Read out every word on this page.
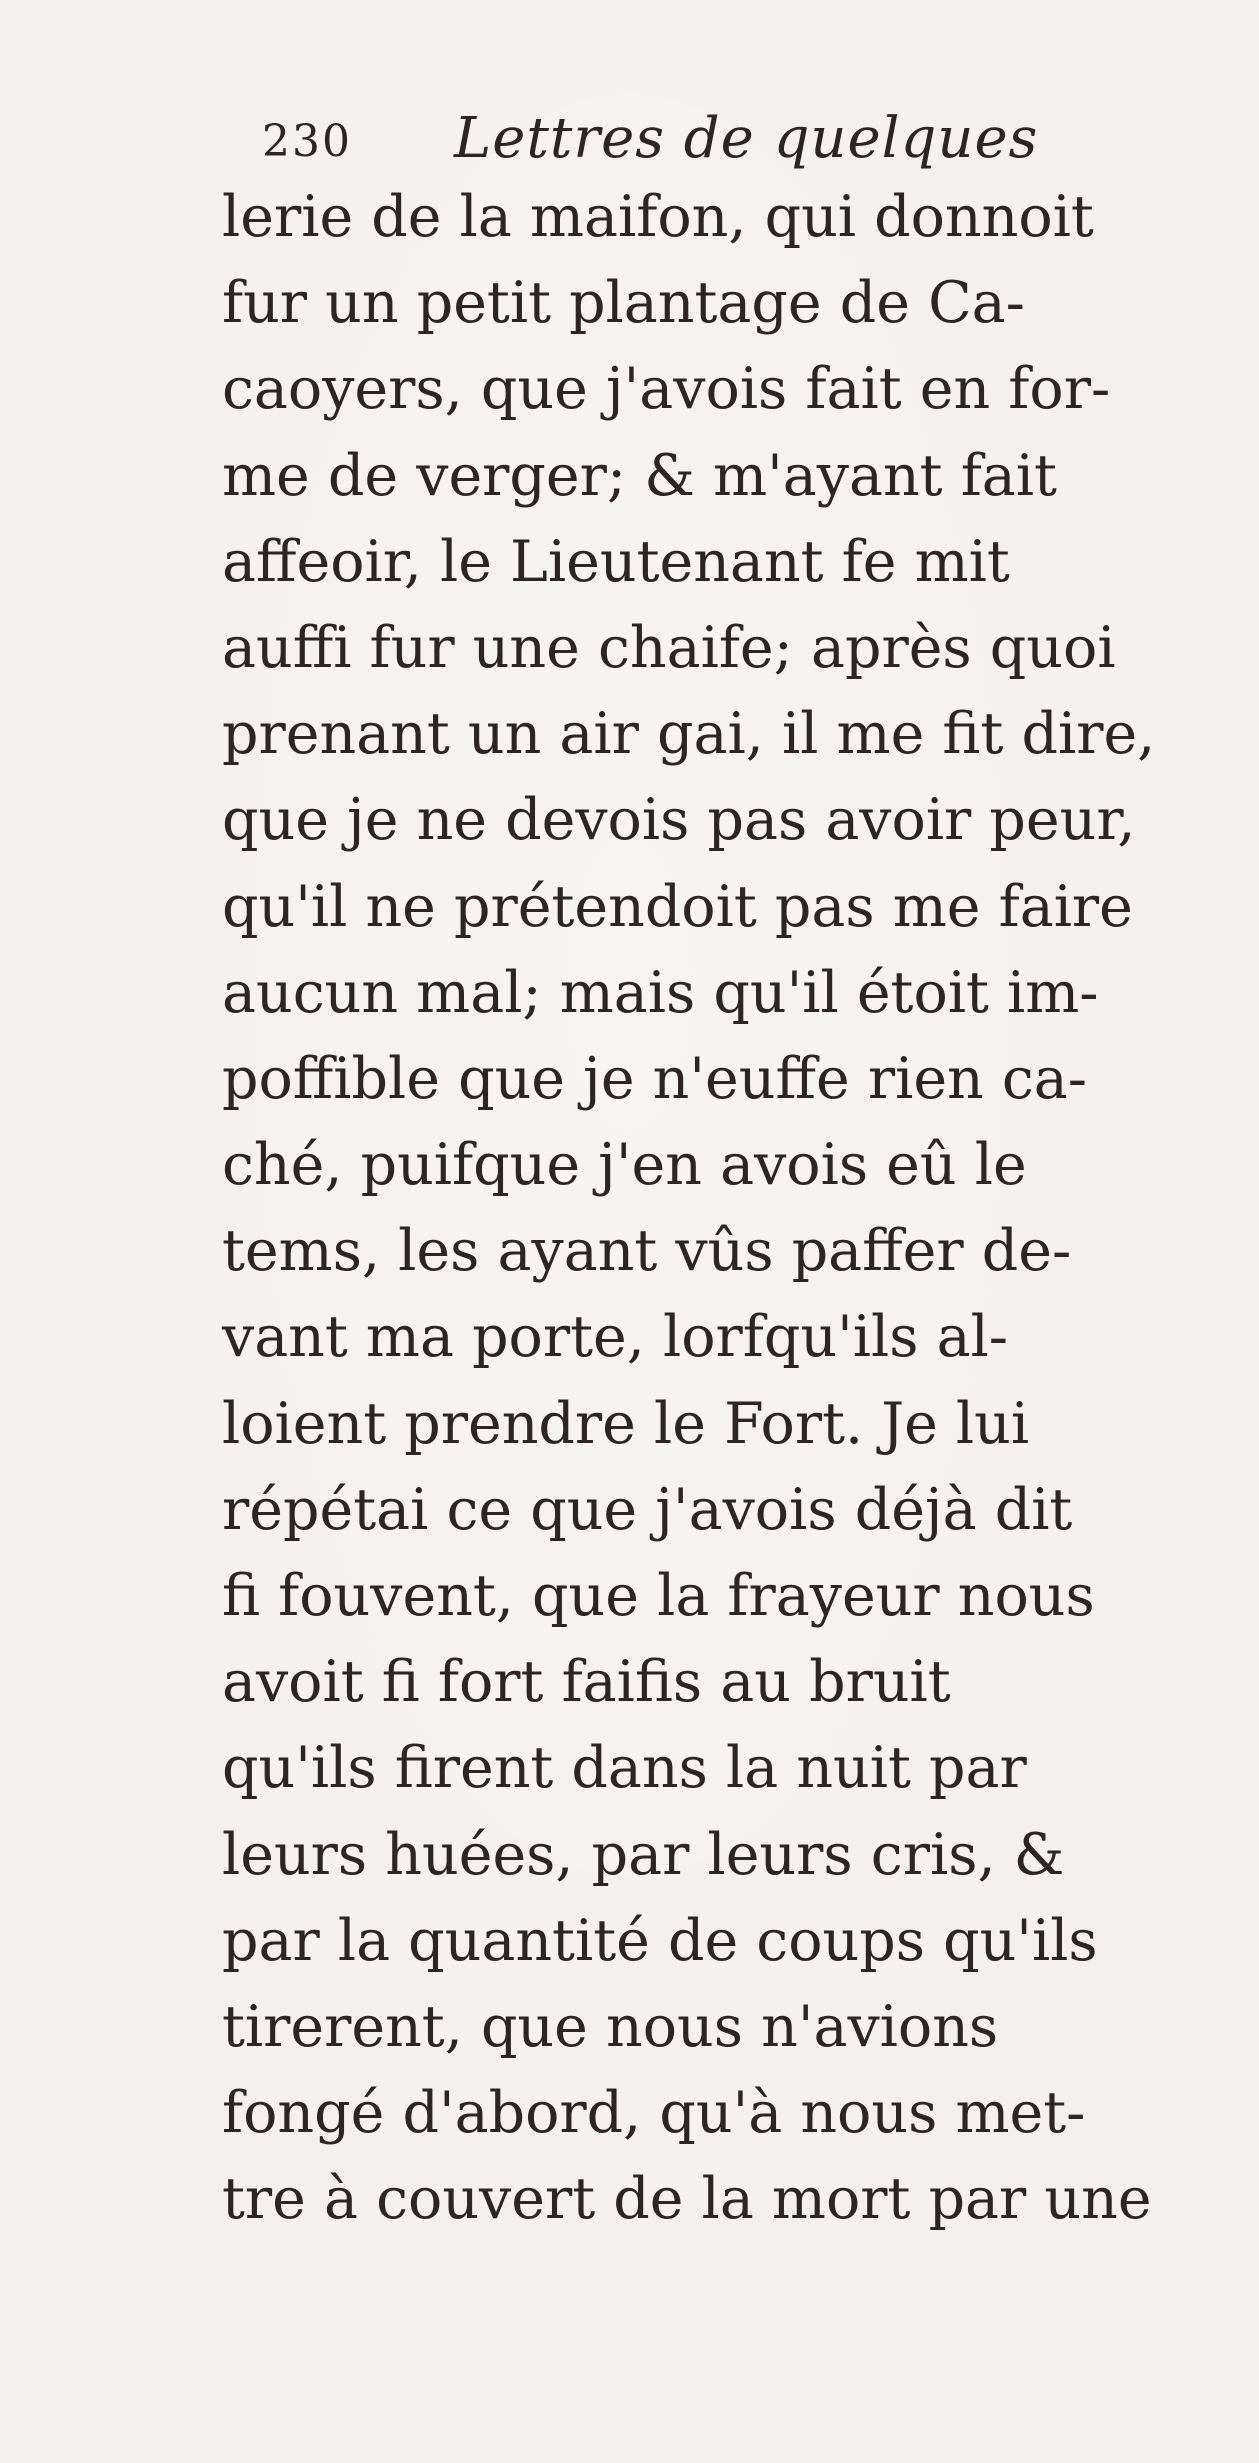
230 Lettres de quelques
lerie de la maifon, qui donnoit
fur un petit plantage de Ca-
caoyers, que j'avois fait en for-
me de verger; & m'ayant fait
affeoir, le Lieutenant fe mit
auffi fur une chaife; après quoi
prenant un air gai, il me fit dire,
que je ne devois pas avoir peur,
qu'il ne prétendoit pas me faire
aucun mal; mais qu'il étoit im-
poffible que je n'euffe rien ca-
ché, puifque j'en avois eû le
tems, les ayant vûs paffer de-
vant ma porte, lorfqu'ils al-
loient prendre le Fort. Je lui
répétai ce que j'avois déjà dit
fi fouvent, que la frayeur nous
avoit fi fort faifis au bruit
qu'ils firent dans la nuit par
leurs huées, par leurs cris, &
par la quantité de coups qu'ils
tirerent, que nous n'avions
fongé d'abord, qu'à nous met-
tre à couvert de la mort par une
